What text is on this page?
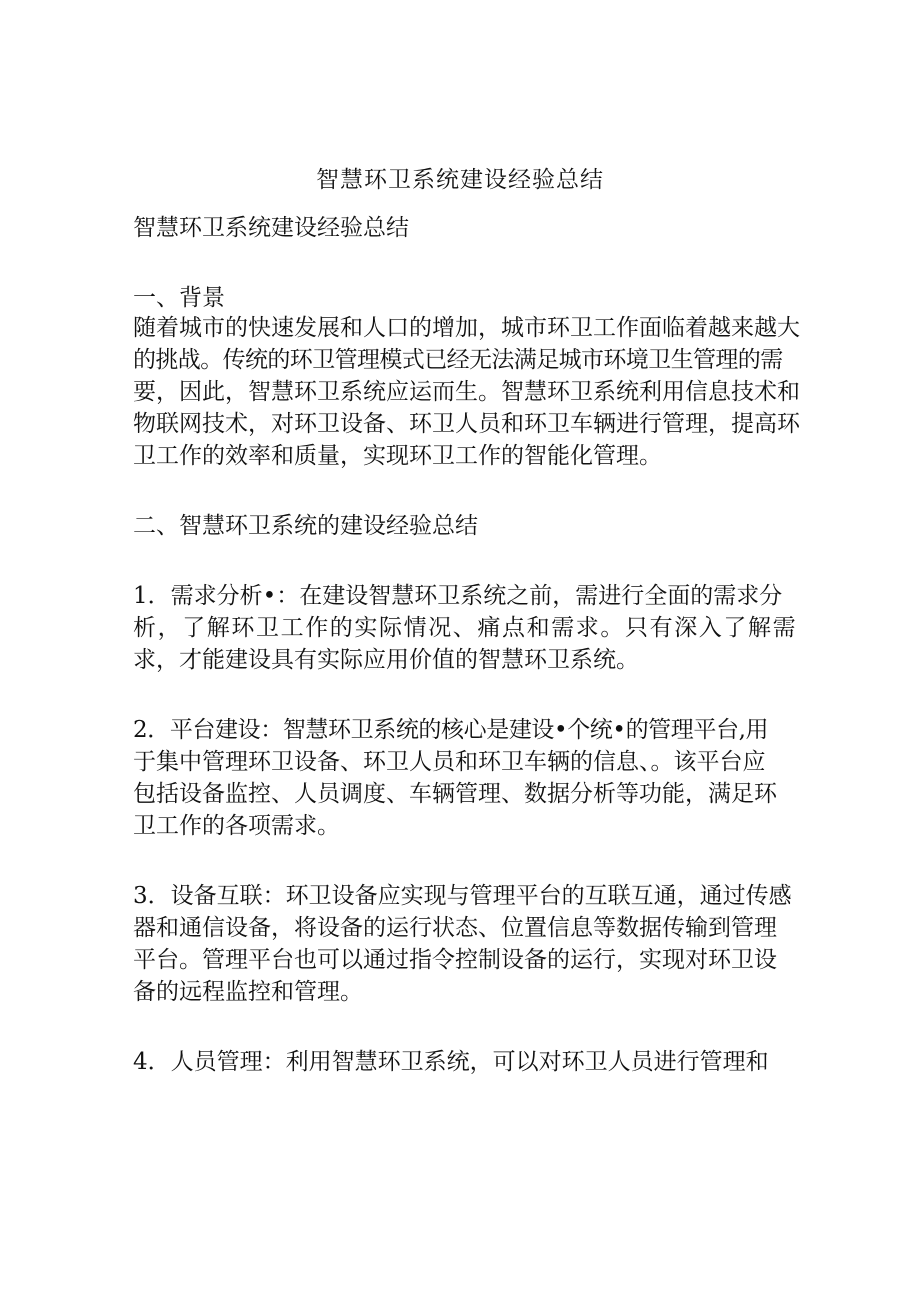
智慧环卫系统建设经验总结
智慧环卫系统建设经验总结
一、背景
随着城市的快速发展和人口的增加，城市环卫工作面临着越来越大
的挑战。传统的环卫管理模式已经无法满足城市环境卫生管理的需
要，因此，智慧环卫系统应运而生。智慧环卫系统利用信息技术和
物联网技术，对环卫设备、环卫人员和环卫车辆进行管理，提高环
卫工作的效率和质量，实现环卫工作的智能化管理。
二、智慧环卫系统的建设经验总结
1．需求分析•：在建设智慧环卫系统之前，需进行全面的需求分
析，了解环卫工作的实际情况、痛点和需求。只有深入了解需
求，才能建设具有实际应用价值的智慧环卫系统。
2．平台建设：智慧环卫系统的核心是建设•个统•的管理平台,用
于集中管理环卫设备、环卫人员和环卫车辆的信息、。该平台应
包括设备监控、人员调度、车辆管理、数据分析等功能，满足环
卫工作的各项需求。
3．设备互联：环卫设备应实现与管理平台的互联互通，通过传感
器和通信设备，将设备的运行状态、位置信息等数据传输到管理
平台。管理平台也可以通过指令控制设备的运行，实现对环卫设
备的远程监控和管理。
4．人员管理：利用智慧环卫系统，可以对环卫人员进行管理和
